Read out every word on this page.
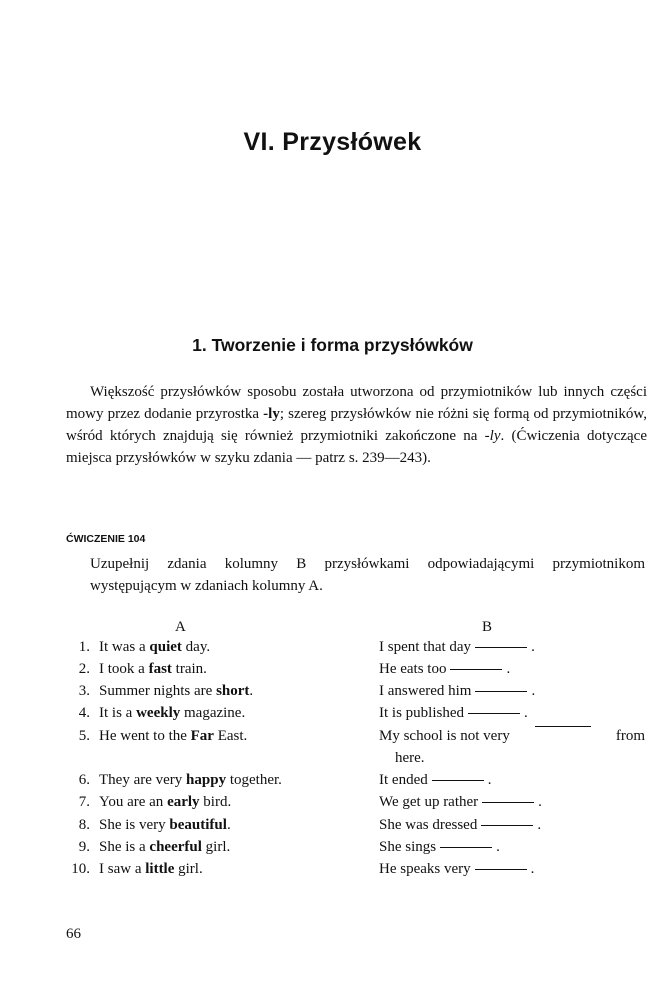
VI. Przysłówek
1. Tworzenie i forma przysłówków

Większość przysłówków sposobu została utworzona od przymiotników lub innych części mowy przez dodanie przyrostka -ly; szereg przysłówków nie różni się formą od przymiotników, wśród których znajdują się również przymiotniki zakończone na -ly. (Ćwiczenia dotyczące miejsca przysłówków w szyku zdania — patrz s. 239—243).

ĆWICZENIE 104

Uzupełnij zdania kolumny B przysłówkami odpowiadającymi przymiotnikom występującym w zdaniach kolumny A.

A	B
1. It was a quiet day.	I spent that day	.
2. I took a fast train.	He eats too	.
3. Summer nights are short.	I answered him	.
4. It is a weekly magazine.	It is published	.
5. He went to the Far East.	My school is not very	from
here.
6. They are very happy together.	It ended	.
7. You are an early bird.	We get up rather	.
8. She is very beautiful.	She was dressed	.
9. She is a cheerful girl.	She sings	.
10. I saw a little girl.	He speaks very	.
66
